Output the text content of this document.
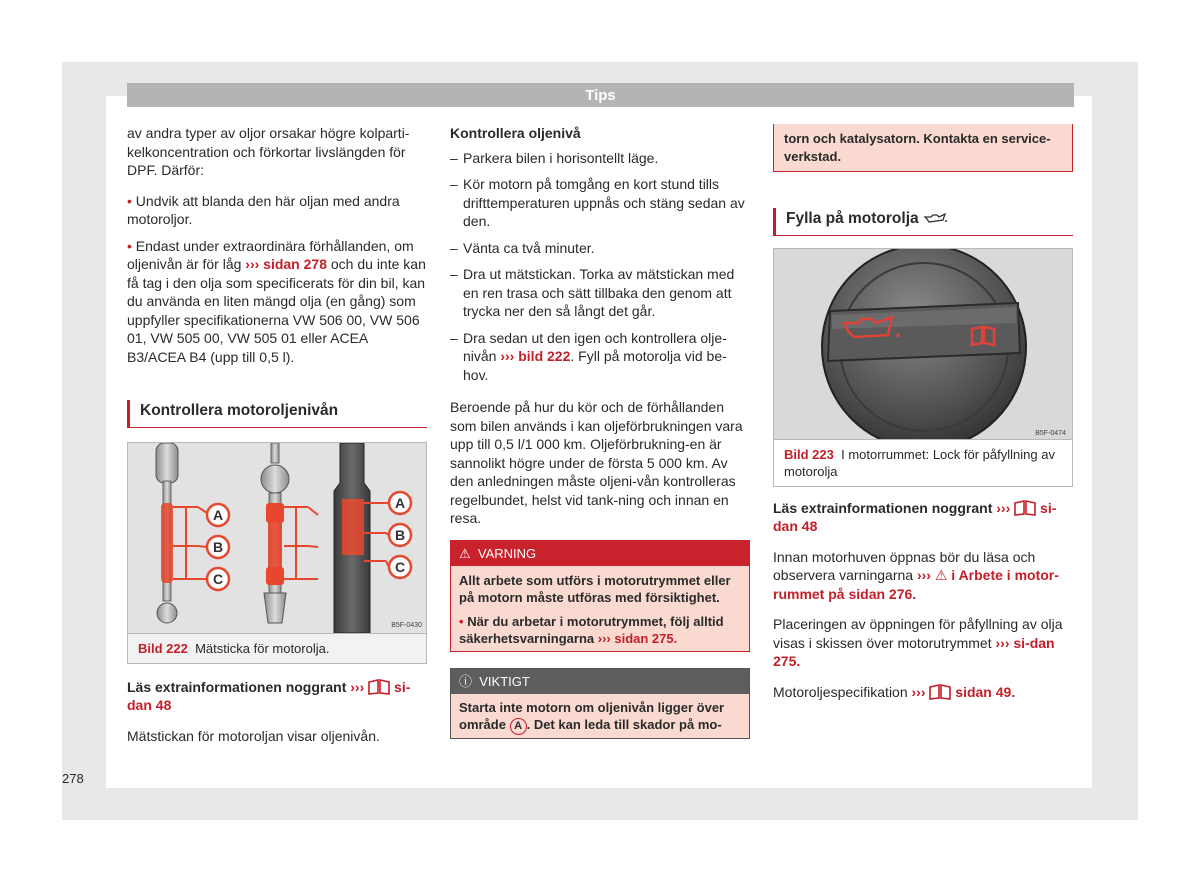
Tips

av andra typer av oljor orsakar högre kolparti-kelkoncentration och förkortar livslängden för DPF. Därför:

• Undvik att blanda den här oljan med andra motoroljor.
• Endast under extraordinära förhållanden, om oljenivån är för låg ››› sidan 278 och du inte kan få tag i den olja som specificerats för din bil, kan du använda en liten mängd olja (en gång) som uppfyller specifikationerna VW 506 00, VW 506 01, VW 505 00, VW 505 01 eller ACEA B3/ACEA B4 (upp till 0,5 l).
Kontrollera motoroljenivån
A
B
C
A
B
C
B5F-0430
Bild 222 Mätsticka för motorolja.

Läs extrainformationen noggrant ››› si-dan 48

Mätstickan för motoroljan visar oljenivån.

Kontrollera oljenivå
– Parkera bilen i horisontellt läge.
– Kör motorn på tomgång en kort stund tills drifttemperaturen uppnås och stäng sedan av den.
– Vänta ca två minuter.
– Dra ut mätstickan. Torka av mätstickan med en ren trasa och sätt tillbaka den genom att trycka ner den så långt det går.
– Dra sedan ut den igen och kontrollera olje-nivån ››› bild 222. Fyll på motorolja vid be-hov.

Beroende på hur du kör och de förhållanden som bilen används i kan oljeförbrukningen vara upp till 0,5 l/1 000 km. Oljeförbrukning-en är sannolikt högre under de första 5 000 km. Av den anledningen måste oljeni-vån kontrolleras regelbundet, helst vid tank-ning och innan en resa.

⚠ VARNING
Allt arbete som utförs i motorutrymmet eller på motorn måste utföras med försiktighet.
• När du arbetar i motorutrymmet, följ alltid säkerhetsvarningarna ››› sidan 275.
ⓘ VIKTIGT
Starta inte motorn om oljenivån ligger över område A . Det kan leda till skador på mo-
torn och katalysatorn. Kontakta en service-verkstad.
Fylla på motorolja
B5F-0474
Bild 223 I motorrummet: Lock för påfyllning av motorolja

Läs extrainformationen noggrant ››› si-dan 48

Innan motorhuven öppnas bör du läsa och observera varningarna ››› ⚠ i Arbete i motor-rummet på sidan 276.

Placeringen av öppningen för påfyllning av olja visas i skissen över motorutrymmet ››› si-dan 275.

Motoroljespecifikation ››› sidan 49.

278
